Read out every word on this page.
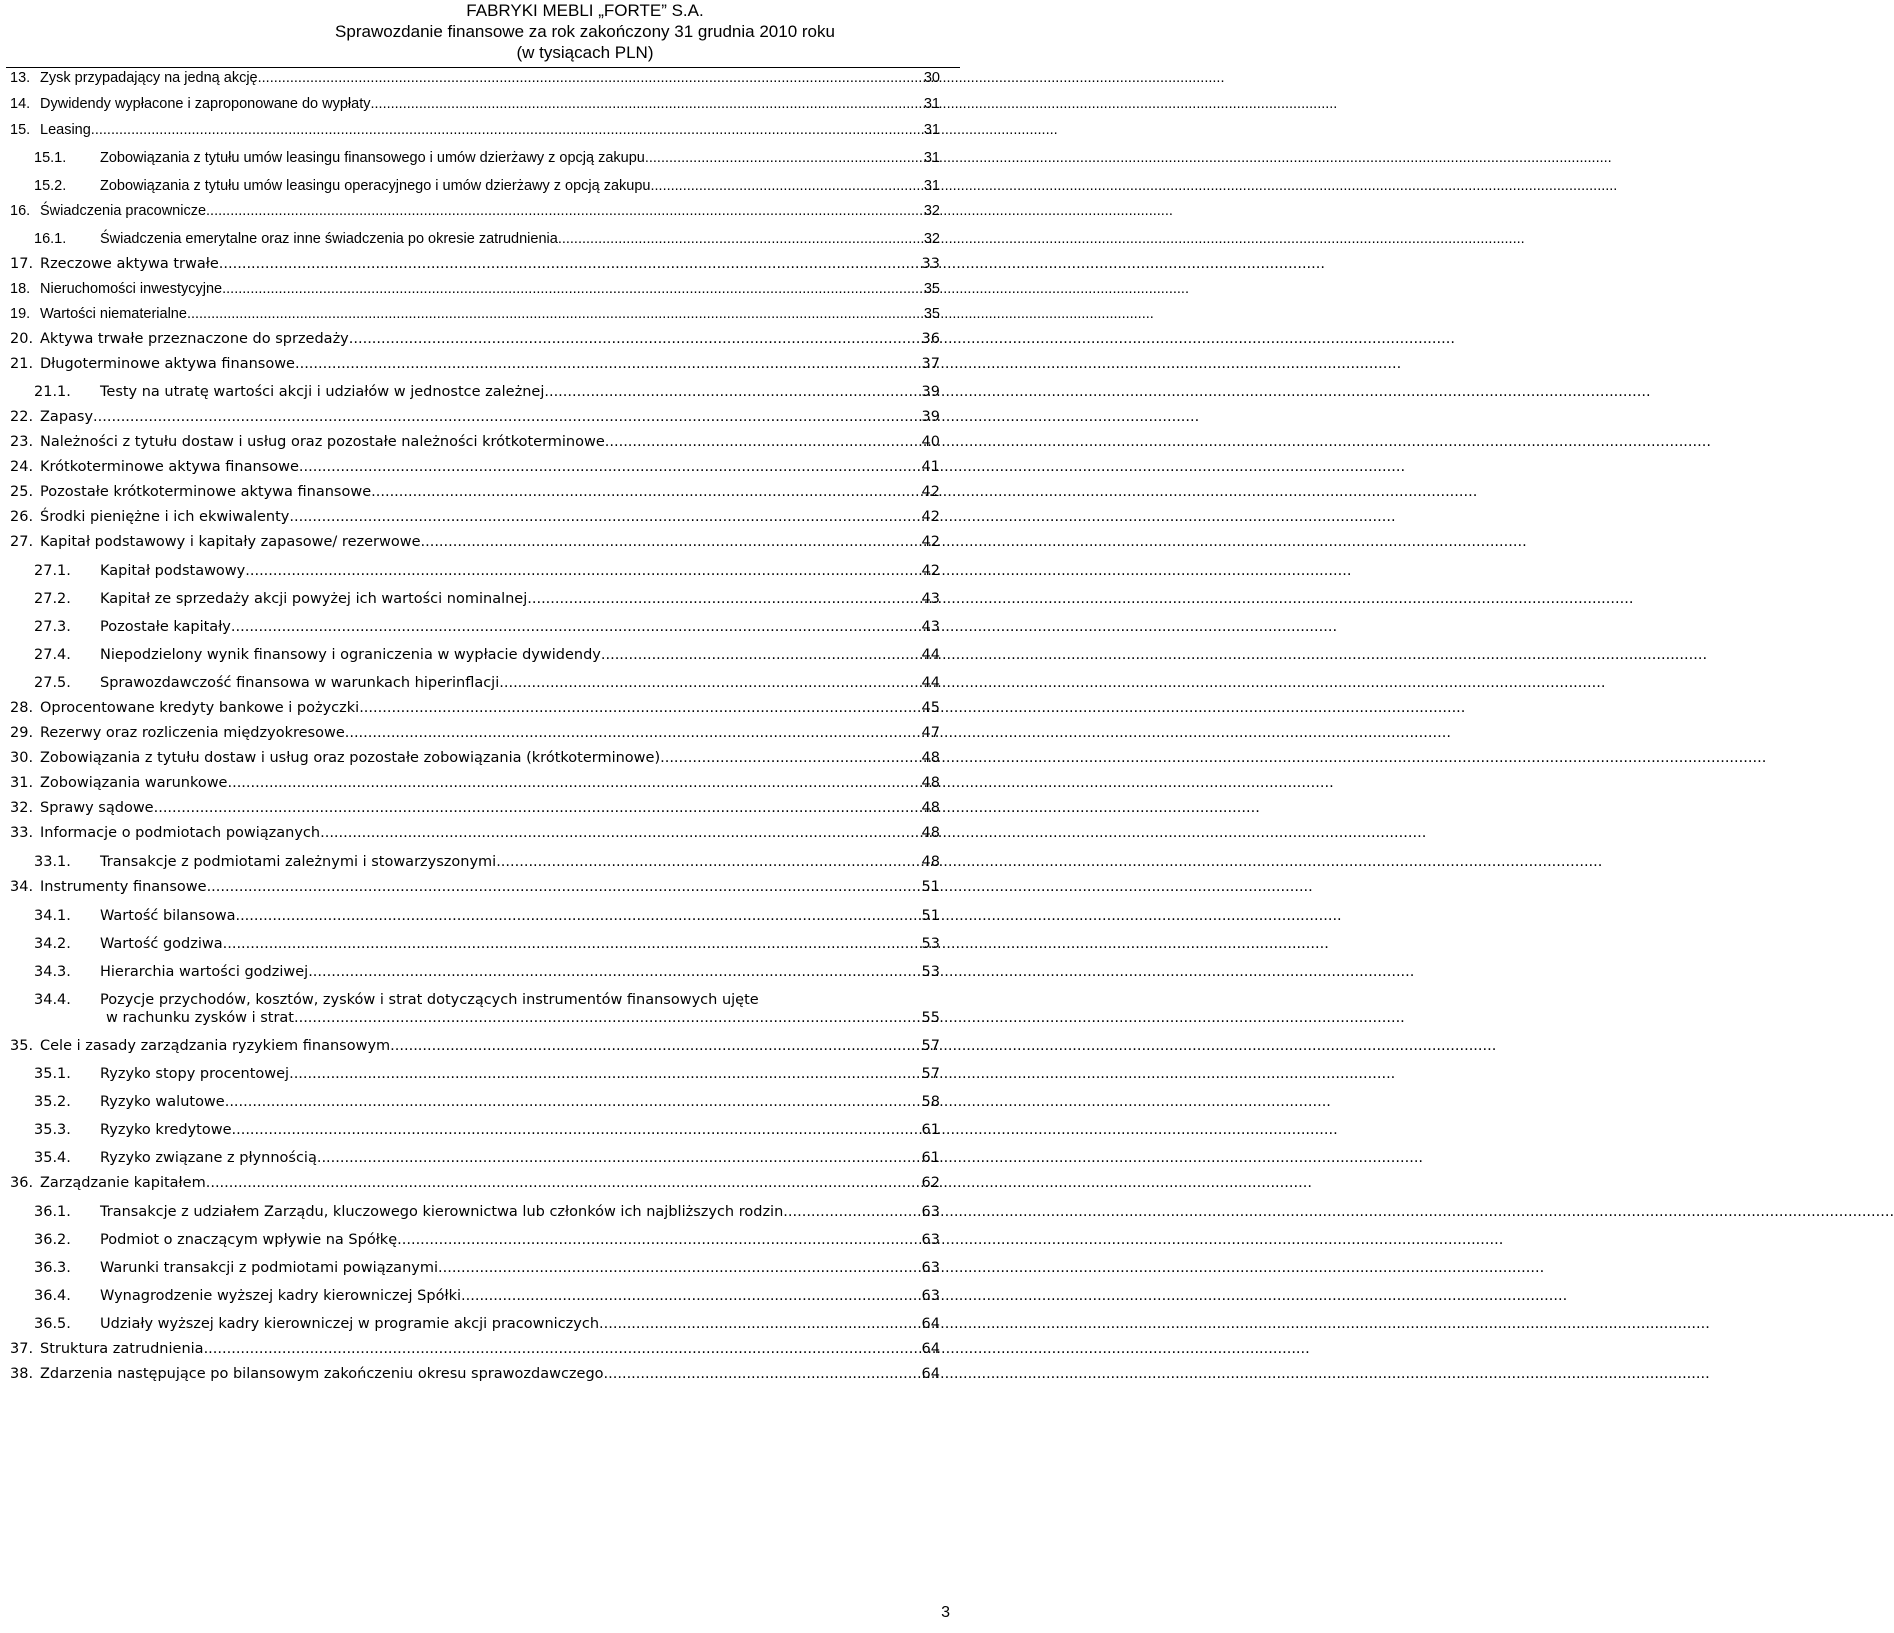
FABRYKI MEBLI „FORTE” S.A.
Sprawozdanie finansowe za rok zakończony 31 grudnia 2010 roku
(w tysiącach PLN)
13. Zysk przypadający na jedną akcję .....	30
14. Dywidendy wypłacone i zaproponowane do wypłaty .....	31
15. Leasing .....	31
15.1. Zobowiązania z tytułu umów leasingu finansowego i umów dzierżawy z opcją zakupu .....	31
15.2. Zobowiązania z tytułu umów leasingu operacyjnego i umów dzierżawy z opcją zakupu .....	31
16. Świadczenia pracownicze .....	32
16.1. Świadczenia emerytalne oraz inne świadczenia po okresie zatrudnienia .....	32
17. Rzeczowe aktywa trwałe .....	33
18. Nieruchomości inwestycyjne .....	35
19. Wartości niematerialne .....	35
20. Aktywa trwałe przeznaczone do sprzedaży .....	36
21. Długoterminowe aktywa finansowe .....	37
21.1. Testy na utratę wartości akcji i udziałów w jednostce zależnej .....	39
22. Zapasy .....	39
23. Należności z tytułu dostaw i usług oraz pozostałe należności krótkoterminowe .....	40
24. Krótkoterminowe aktywa finansowe .....	41
25. Pozostałe krótkoterminowe aktywa finansowe .....	42
26. Środki pieniężne i ich ekwiwalenty .....	42
27. Kapitał podstawowy i kapitały zapasowe/ rezerwowe .....	42
27.1. Kapitał podstawowy .....	42
27.2. Kapitał ze sprzedaży akcji powyżej ich wartości nominalnej .....	43
27.3. Pozostałe kapitały .....	43
27.4. Niepodzielony wynik finansowy i ograniczenia w wypłacie dywidendy .....	44
27.5. Sprawozdawczość finansowa w warunkach hiperinflacji .....	44
28. Oprocentowane kredyty bankowe i pożyczki .....	45
29. Rezerwy oraz rozliczenia międzyokresowe .....	47
30. Zobowiązania z tytułu dostaw i usług oraz pozostałe zobowiązania (krótkoterminowe) .....	48
31. Zobowiązania warunkowe .....	48
32. Sprawy sądowe .....	48
33. Informacje o podmiotach powiązanych .....	48
33.1. Transakcje z podmiotami zależnymi i stowarzyszonymi .....	48
34. Instrumenty finansowe .....	51
34.1. Wartość bilansowa .....	51
34.2. Wartość godziwa .....	53
34.3. Hierarchia wartości godziwej .....	53
34.4. Pozycje przychodów, kosztów, zysków i strat dotyczących instrumentów finansowych ujęte
w rachunku zysków i strat. .....	55
35. Cele i zasady zarządzania ryzykiem finansowym .....	57
35.1. Ryzyko stopy procentowej .....	57
35.2. Ryzyko walutowe .....	58
35.3. Ryzyko kredytowe .....	61
35.4. Ryzyko związane z płynnością .....	61
36. Zarządzanie kapitałem .....	62
36.1. Transakcje z udziałem Zarządu, kluczowego kierownictwa lub członków ich najbliższych rodzin. .....	63
36.2. Podmiot o znaczącym wpływie na Spółkę .....	63
36.3. Warunki transakcji z podmiotami powiązanymi .....	63
36.4. Wynagrodzenie wyższej kadry kierowniczej Spółki .....	63
36.5. Udziały wyższej kadry kierowniczej w programie akcji pracowniczych. .....	64
37. Struktura zatrudnienia .....	64
38. Zdarzenia następujące po bilansowym zakończeniu okresu sprawozdawczego .....	64
3
